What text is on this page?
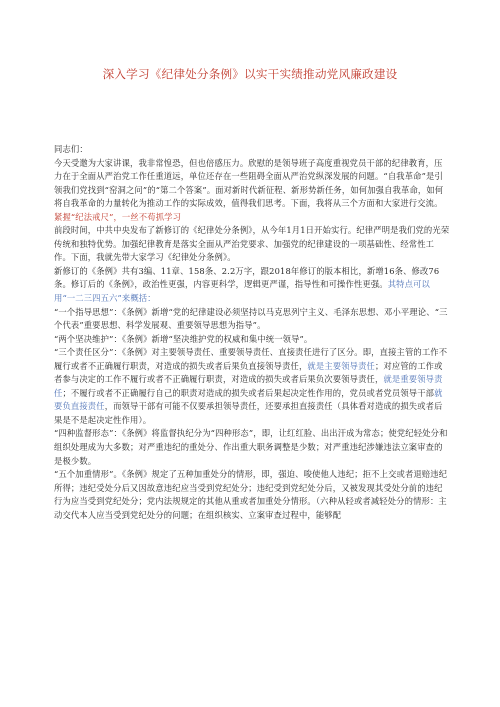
深入学习《纪律处分条例》以实干实绩推动党风廉政建设

同志们：

今天受邀为大家讲课，我非常惶恐，但也倍感压力。欣慰的是领导班子高度重视党员干部的纪律教育，压力在于全面从严治党工作任重道远，单位还存在一些阻碍全面从严治党纵深发展的问题。“自我革命”是引领我们党找到“窑洞之问”的“第二个答案”。面对新时代新征程、新形势新任务，如何加强自我革命，如何将自我革命的力量转化为推动工作的实际成效，值得我们思考。下面，我将从三个方面和大家进行交流。

紧握“纪法戒尺”，一丝不苟抓学习

前段时间，中共中央发布了新修订的《纪律处分条例》，从今年1月1日开始实行。纪律严明是我们党的光荣传统和独特优势。加强纪律教育是落实全面从严治党要求、加强党的纪律建设的一项基础性、经常性工作。下面，我就先带大家学习《纪律处分条例》。

新修订的《条例》共有3编、11章、158条、2.2万字，跟2018年修订的版本相比，新增16条、修改76条。修订后的《条例》，政治性更强，内容更科学，逻辑更严谨，指导性和可操作性更强。其特点可以用“一二三四五六”来概括：

“一个指导思想”：《条例》新增“党的纪律建设必须坚持以马克思列宁主义、毛泽东思想、邓小平理论、“三个代表”重要思想、科学发展观、重要领导思想为指导”。

“两个坚决维护”：《条例》新增“坚决维护党的权威和集中统一领导”。

“三个责任区分”：《条例》对主要领导责任、重要领导责任、直接责任进行了区分。即，直接主管的工作不履行或者不正确履行职责，对造成的损失或者后果负直接领导责任，就是主要领导责任；对应管的工作或者参与决定的工作不履行或者不正确履行职责，对造成的损失或者后果负次要领导责任，就是重要领导责任；不履行或者不正确履行自己的职责对造成的损失或者后果起决定性作用的，党员或者党员领导干部就要负直接责任，而领导干部有可能不仅要承担领导责任，还要承担直接责任（具体看对造成的损失或者后果是不是起决定性作用）。

“四种监督形态”：《条例》将监督执纪分为“四种形态”，即，让红红脸、出出汗成为常态；使党纪轻处分和组织处理成为大多数；对严重违纪的重处分、作出重大职务调整是少数；对严重违纪涉嫌违法立案审查的是极少数。

“五个加重情形”。《条例》规定了五种加重处分的情形，即，强迫、唆使他人违纪；拒不上交或者退赔违纪所得；违纪受处分后又因故意违纪应当受到党纪处分；违纪受到党纪处分后，又被发现其受处分前的违纪行为应当受到党纪处分；党内法规规定的其他从重或者加重处分情形。（六种从轻或者减轻处分的情形：主动交代本人应当受到党纪处分的问题；在组织核实、立案审查过程中，能够配
